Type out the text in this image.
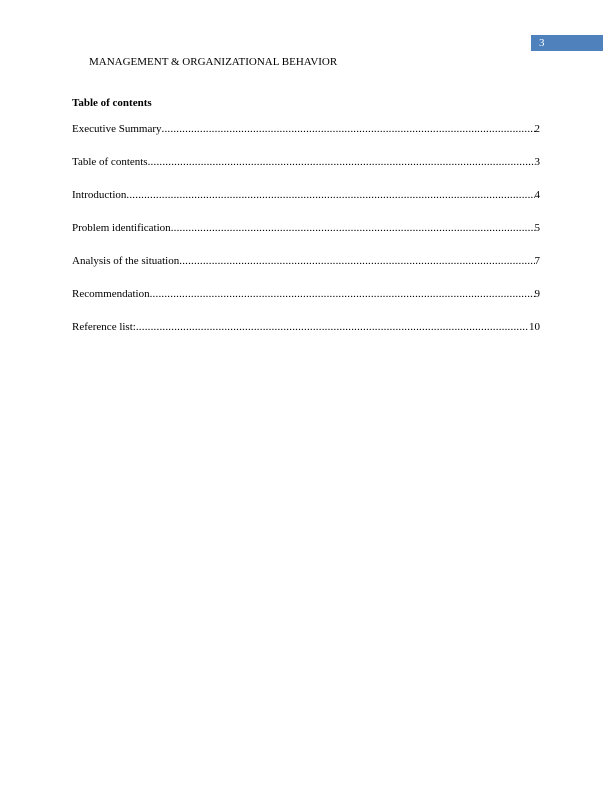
3
MANAGEMENT & ORGANIZATIONAL BEHAVIOR
Table of contents
Executive Summary .....	2
Table of contents .....	3
Introduction .....	4
Problem identification .....	5
Analysis of the situation .....	7
Recommendation .....	9
Reference list: .....	10
